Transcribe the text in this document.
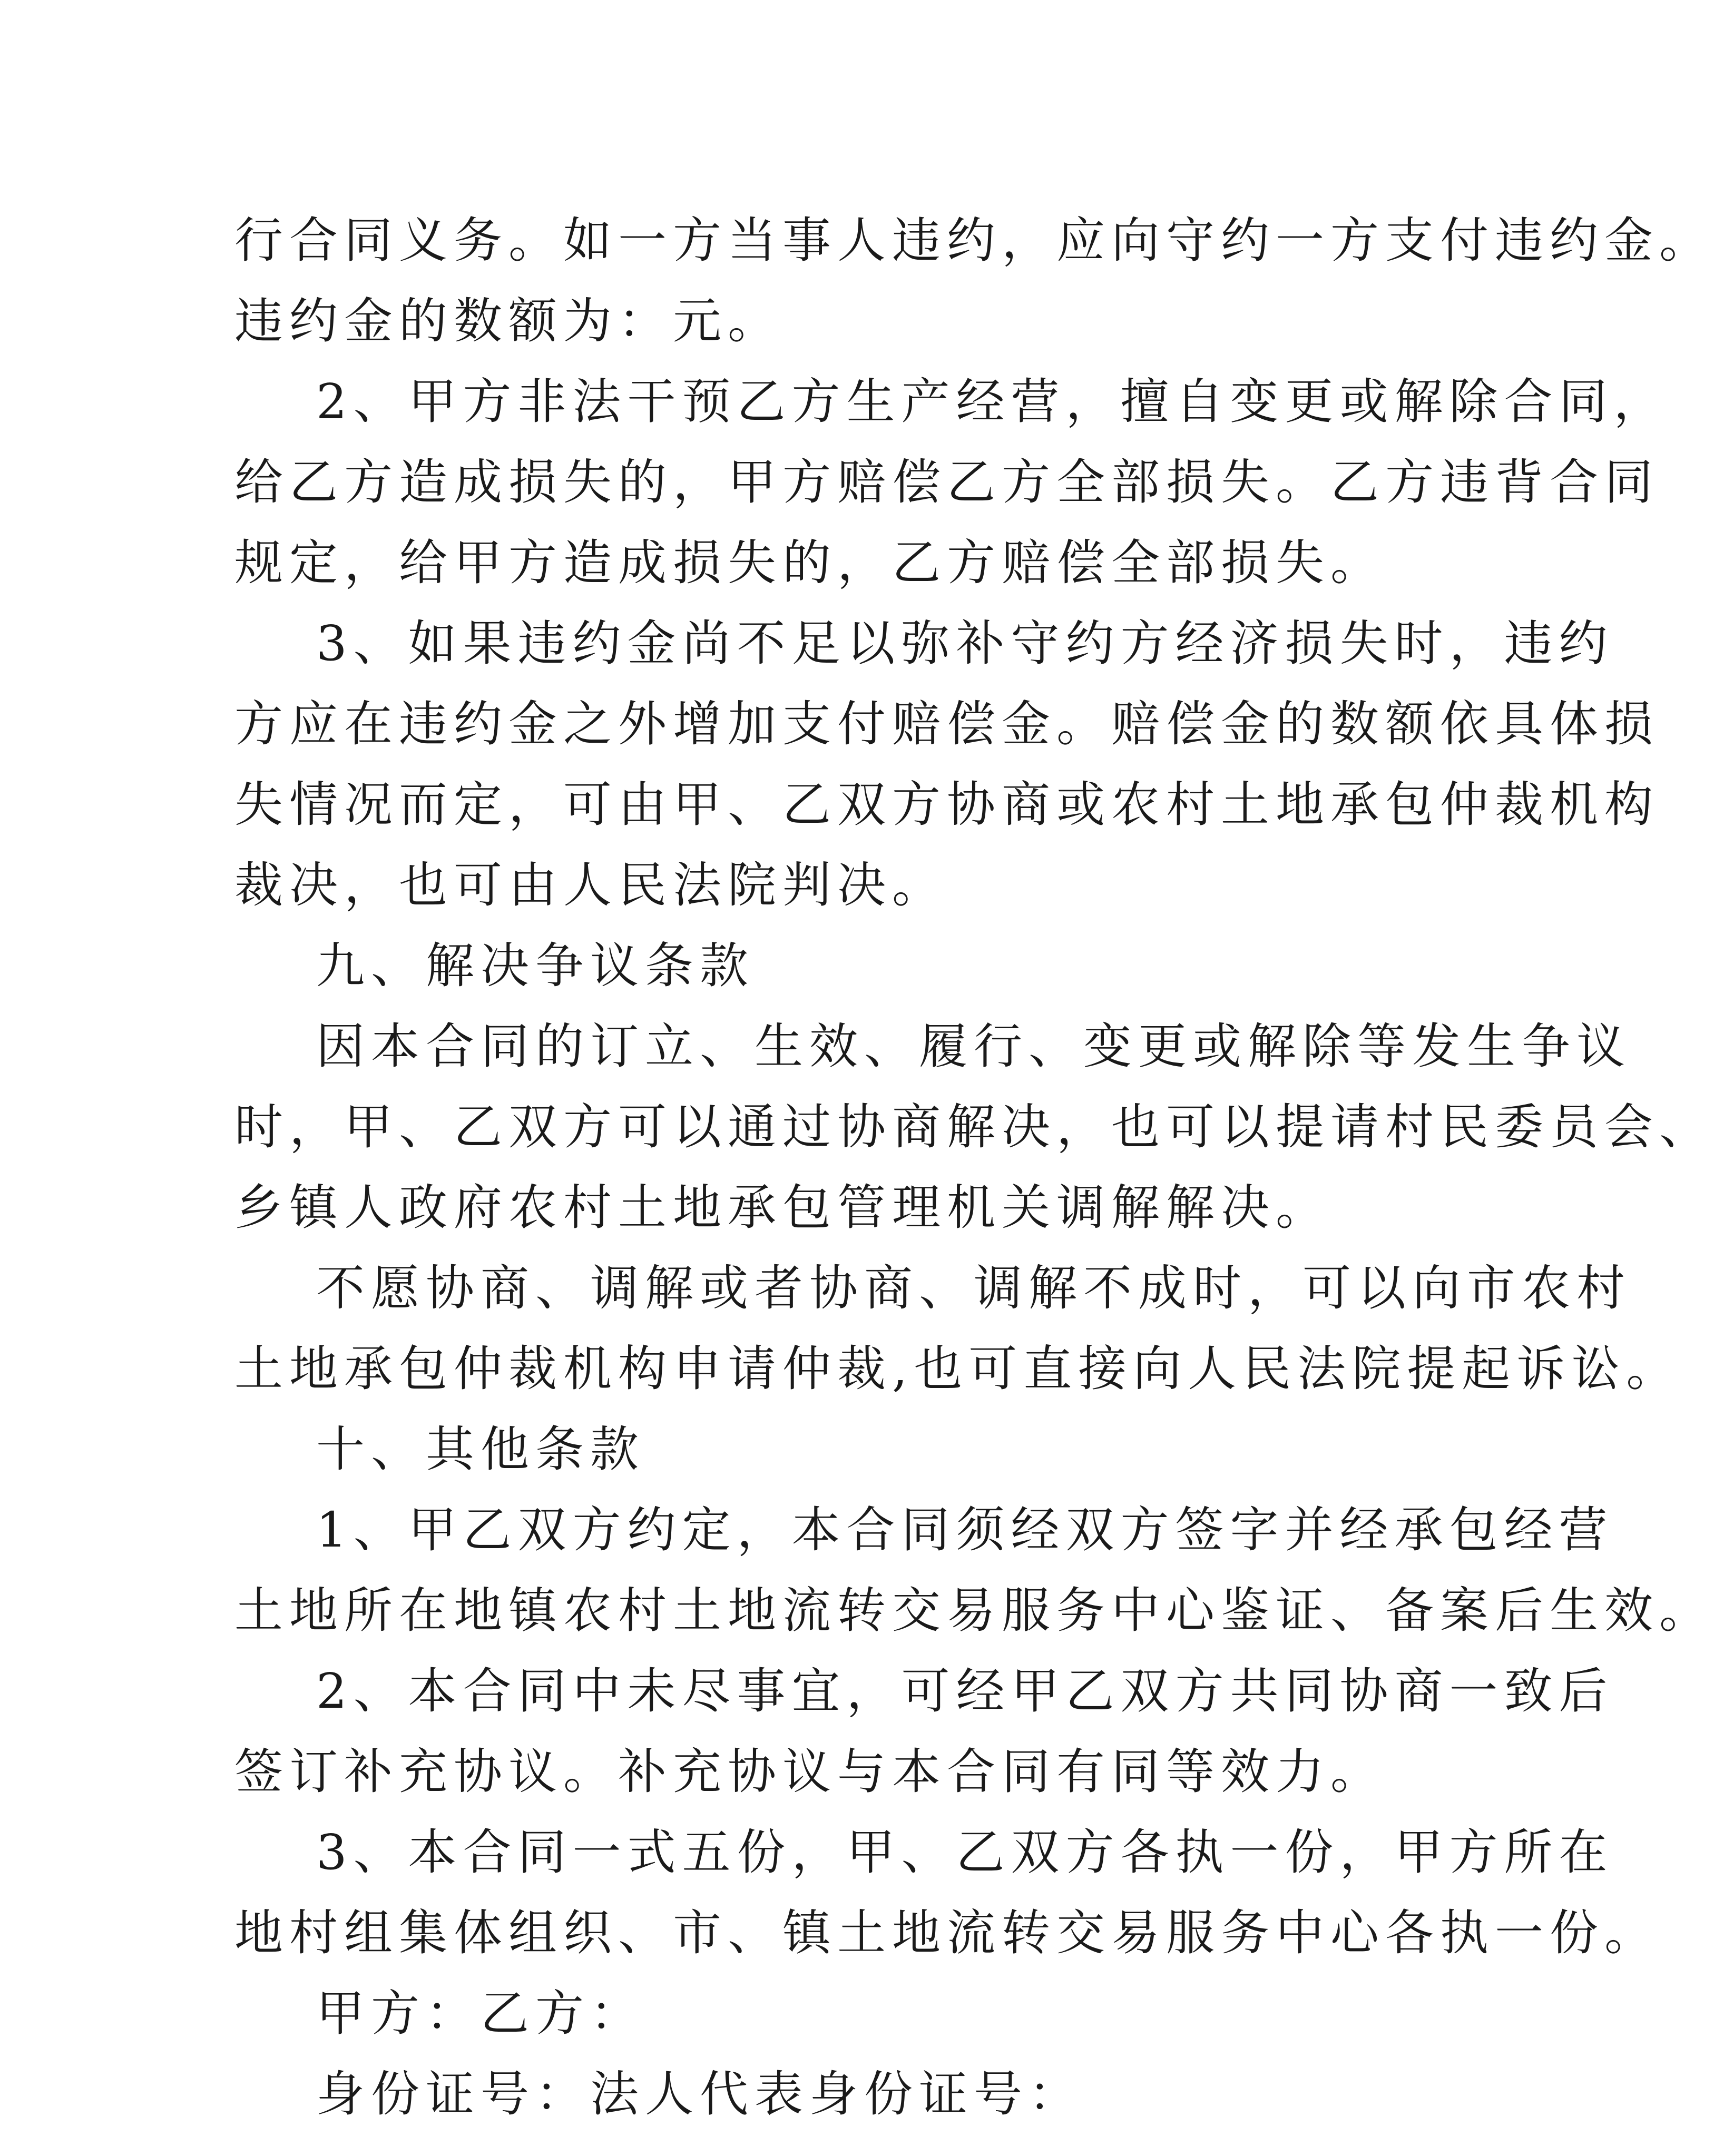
行合同义务。如一方当事人违约，应向守约一方支付违约金。

违约金的数额为：元。

2、甲方非法干预乙方生产经营，擅自变更或解除合同，

给乙方造成损失的，甲方赔偿乙方全部损失。乙方违背合同

规定，给甲方造成损失的，乙方赔偿全部损失。

3、如果违约金尚不足以弥补守约方经济损失时，违约

方应在违约金之外增加支付赔偿金。赔偿金的数额依具体损

失情况而定，可由甲、乙双方协商或农村土地承包仲裁机构

裁决，也可由人民法院判决。

九、解决争议条款

因本合同的订立、生效、履行、变更或解除等发生争议

时，甲、乙双方可以通过协商解决，也可以提请村民委员会、

乡镇人政府农村土地承包管理机关调解解决。

不愿协商、调解或者协商、调解不成时，可以向市农村

土地承包仲裁机构申请仲裁,也可直接向人民法院提起诉讼。

十、其他条款

1、甲乙双方约定，本合同须经双方签字并经承包经营

土地所在地镇农村土地流转交易服务中心鉴证、备案后生效。

2、本合同中未尽事宜，可经甲乙双方共同协商一致后

签订补充协议。补充协议与本合同有同等效力。

3、本合同一式五份，甲、乙双方各执一份，甲方所在

地村组集体组织、市、镇土地流转交易服务中心各执一份。

甲方：乙方：

身份证号：法人代表身份证号：
